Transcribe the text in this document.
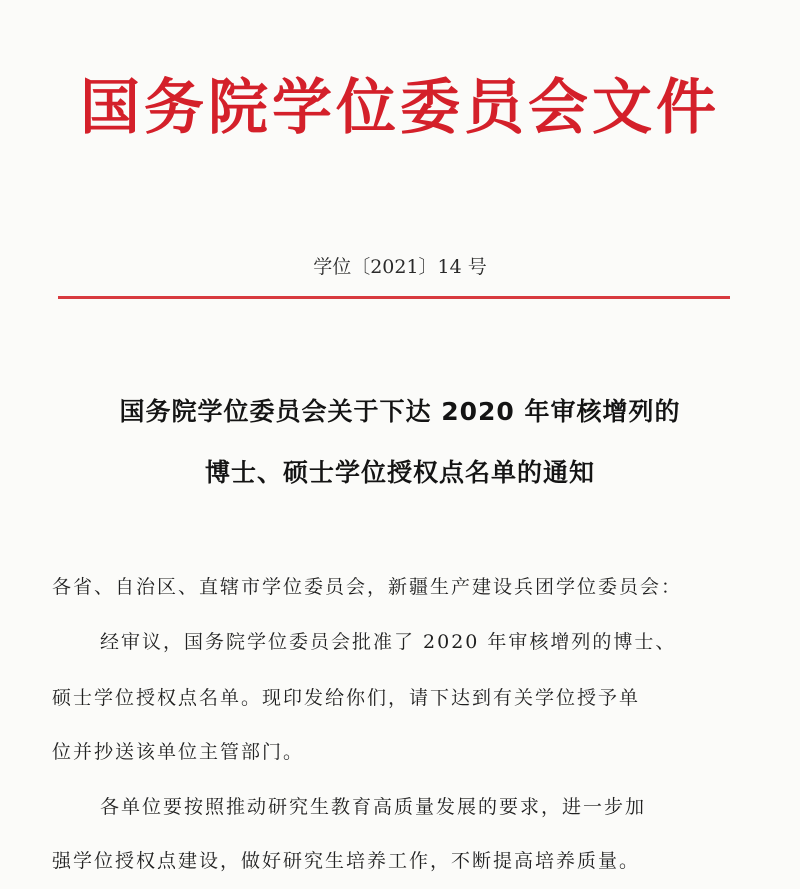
国务院学位委员会文件
学位〔2021〕14 号
国务院学位委员会关于下达 2020 年审核增列的
博士、硕士学位授权点名单的通知
各省、自治区、直辖市学位委员会，新疆生产建设兵团学位委员会：
经审议，国务院学位委员会批准了 2020 年审核增列的博士、
硕士学位授权点名单。现印发给你们，请下达到有关学位授予单
位并抄送该单位主管部门。
各单位要按照推动研究生教育高质量发展的要求，进一步加
强学位授权点建设，做好研究生培养工作，不断提高培养质量。
